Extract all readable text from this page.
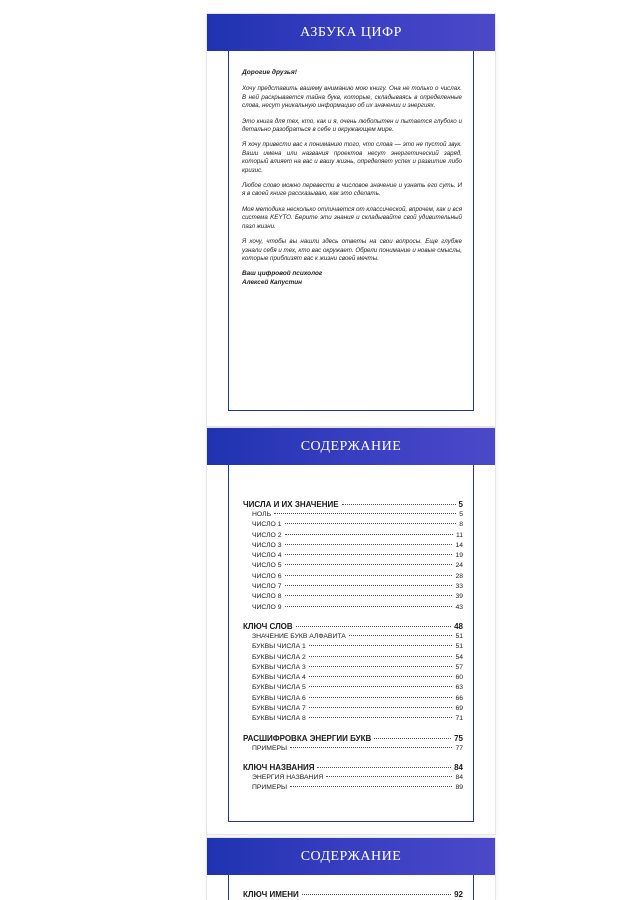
АЗБУКА ЦИФР
Дорогие друзья!

Хочу представить вашему вниманию мою книгу. Она не только о числах. В ней раскрывается тайна букв, которые, складываясь в определенные слова, несут уникальную информацию об их значении и энергиях.

Это книга для тех, кто, как и я, очень любопытен и пытается глубоко и детально разобраться в себе и окружающем мире.

Я хочу привести вас к пониманию того, что слова — это не пустой звук. Ваши имена или названия проектов несут энергетический заряд, который влияет на вас и вашу жизнь, определяет успех и развитие либо кризис.

Любое слово можно перевести в числовое значение и узнать его суть. И я в своей книге рассказываю, как это сделать.

Моя методика несколько отличается от классической, впрочем, как и вся система KEYTO. Берите эти знания и складывайте свой удивительный пазл жизни.

Я хочу, чтобы вы нашли здесь ответы на свои вопросы. Еще глубже узнали себя и тех, кто вас окружает. Обрели понимание и новые смыслы, которые приблизят вас к жизни своей мечты.

Ваш цифровой психолог
Алексей Капустин
СОДЕРЖАНИЕ
ЧИСЛА И ИХ ЗНАЧЕНИЕ	5
НОЛЬ	5
ЧИСЛО 1	8
ЧИСЛО 2	11
ЧИСЛО 3	14
ЧИСЛО 4	19
ЧИСЛО 5	24
ЧИСЛО 6	28
ЧИСЛО 7	33
ЧИСЛО 8	39
ЧИСЛО 9	43
КЛЮЧ СЛОВ	48
ЗНАЧЕНИЕ БУКВ АЛФАВИТА	51
БУКВЫ ЧИСЛА 1	51
БУКВЫ ЧИСЛА 2	54
БУКВЫ ЧИСЛА 3	57
БУКВЫ ЧИСЛА 4	60
БУКВЫ ЧИСЛА 5	63
БУКВЫ ЧИСЛА 6	66
БУКВЫ ЧИСЛА 7	69
БУКВЫ ЧИСЛА 8	71
РАСШИФРОВКА ЭНЕРГИИ БУКВ	75
ПРИМЕРЫ	77
КЛЮЧ НАЗВАНИЯ	84
ЭНЕРГИЯ НАЗВАНИЯ	84
ПРИМЕРЫ	89
СОДЕРЖАНИЕ
КЛЮЧ ИМЕНИ	92
